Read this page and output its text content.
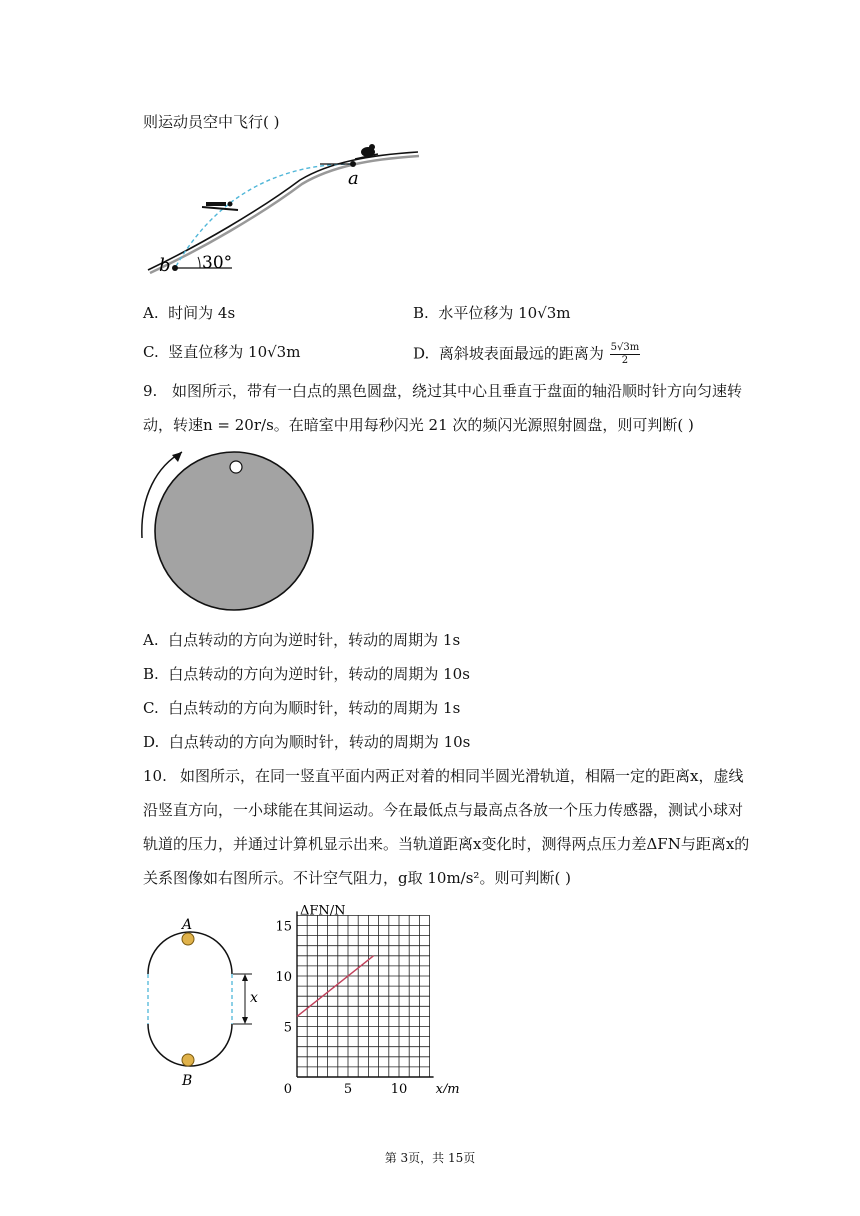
则运动员空中飞行( )
a
b 30°
A. 时间为 4s	B. 水平位移为 10√3m
C. 竖直位移为 10√3m	D. 离斜坡表面最远的距离为 $\frac{5√3m}{2}$
9. 如图所示，带有一白点的黑色圆盘，绕过其中心且垂直于盘面的轴沿顺时针方向匀速转
动，转速n = 20r/s。在暗室中用每秒闪光 21 次的频闪光源照射圆盘，则可判断( )
A. 白点转动的方向为逆时针，转动的周期为 1s
B. 白点转动的方向为逆时针，转动的周期为 10s
C. 白点转动的方向为顺时针，转动的周期为 1s
D. 白点转动的方向为顺时针，转动的周期为 10s
10. 如图所示，在同一竖直平面内两正对着的相同半圆光滑轨道，相隔一定的距离x，虚线
沿竖直方向，一小球能在其间运动。今在最低点与最高点各放一个压力传感器，测试小球对
轨道的压力，并通过计算机显示出来。当轨道距离x变化时，测得两点压力差ΔFN与距离x的
关系图像如右图所示。不计空气阻力，g取 10m/s²。则可判断( )
A
B
x
15
10
5
5	10
0
ΔFN/N
x/m
第 3页，共 15页
